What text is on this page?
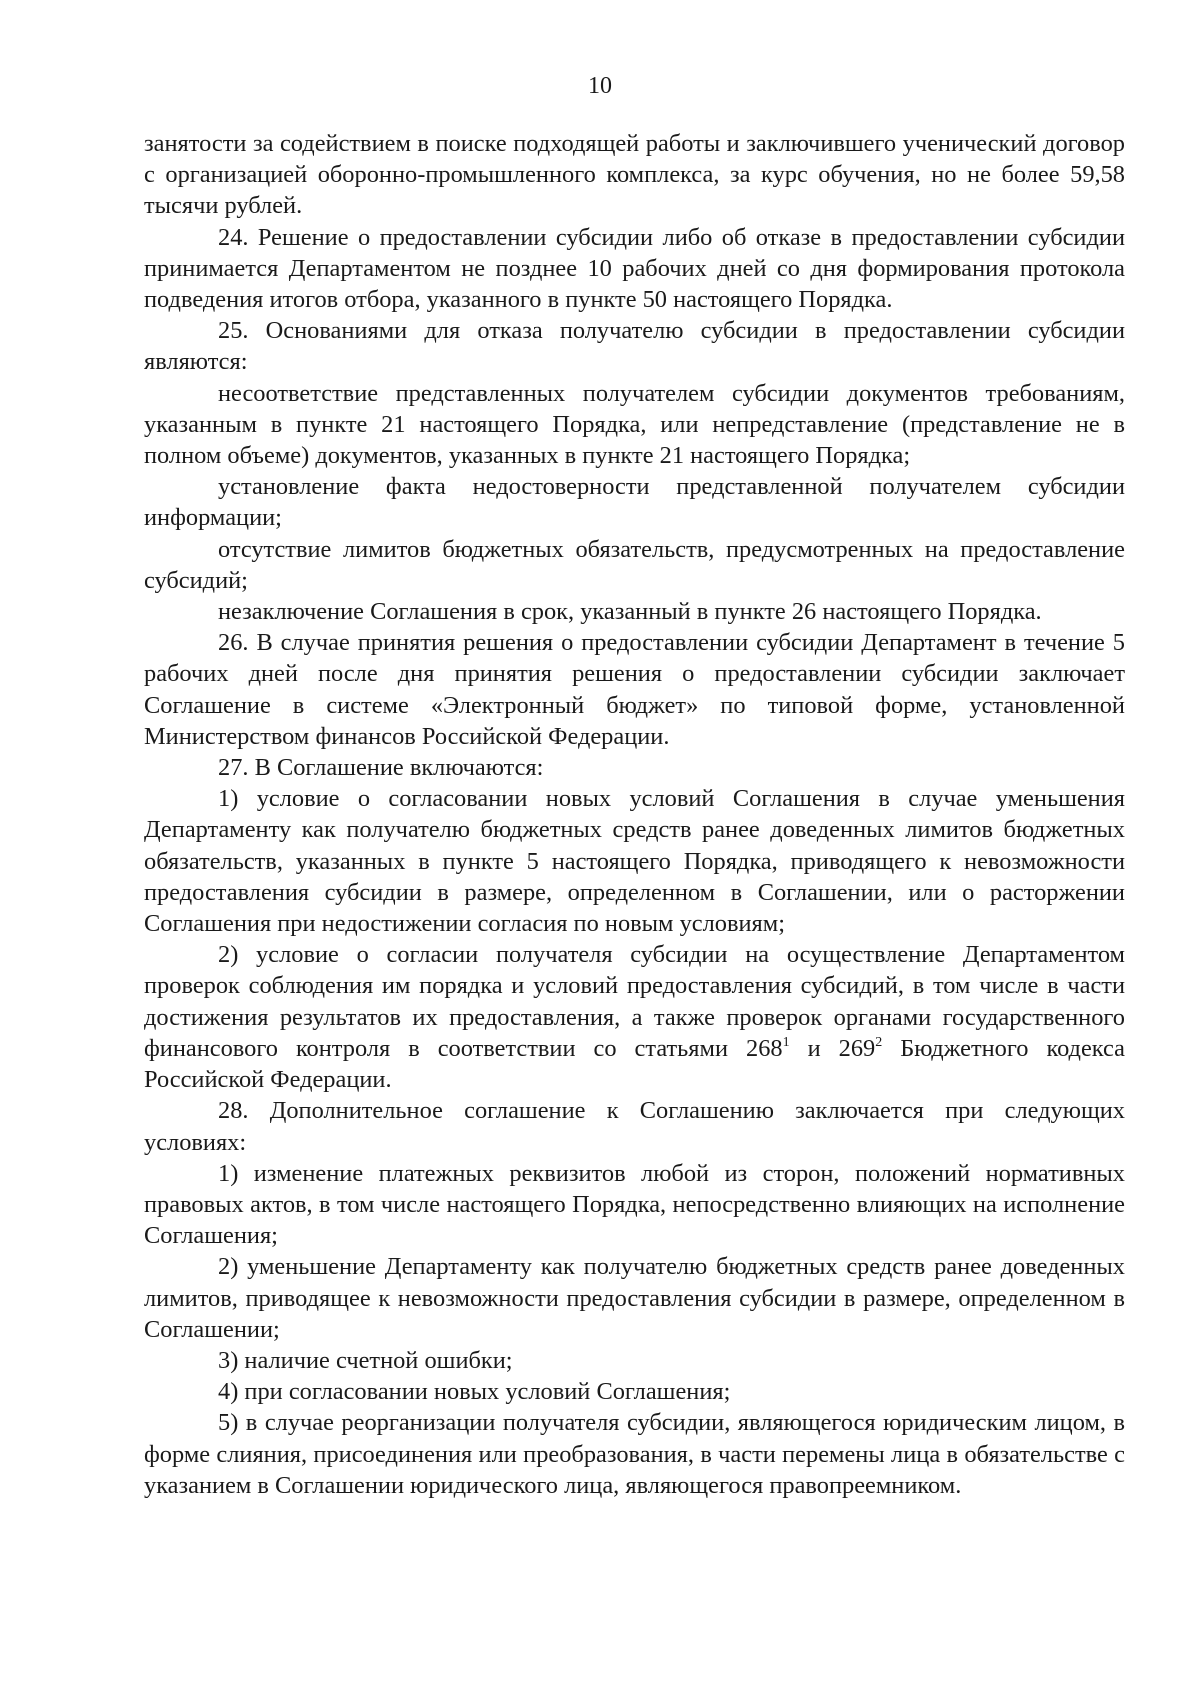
10

занятости за содействием в поиске подходящей работы и заключившего ученический договор с организацией оборонно-промышленного комплекса, за курс обучения, но не более 59,58 тысячи рублей.

24. Решение о предоставлении субсидии либо об отказе в предоставлении субсидии принимается Департаментом не позднее 10 рабочих дней со дня формирования протокола подведения итогов отбора, указанного в пункте 50 настоящего Порядка.

25. Основаниями для отказа получателю субсидии в предоставлении субсидии являются:

несоответствие представленных получателем субсидии документов требованиям, указанным в пункте 21 настоящего Порядка, или непредставление (представление не в полном объеме) документов, указанных в пункте 21 настоящего Порядка;

установление факта недостоверности представленной получателем субсидии информации;

отсутствие лимитов бюджетных обязательств, предусмотренных на предоставление субсидий;

незаключение Соглашения в срок, указанный в пункте 26 настоящего Порядка.

26. В случае принятия решения о предоставлении субсидии Департамент в течение 5 рабочих дней после дня принятия решения о предоставлении субсидии заключает Соглашение в системе «Электронный бюджет» по типовой форме, установленной Министерством финансов Российской Федерации.

27. В Соглашение включаются:

1) условие о согласовании новых условий Соглашения в случае уменьшения Департаменту как получателю бюджетных средств ранее доведенных лимитов бюджетных обязательств, указанных в пункте 5 настоящего Порядка, приводящего к невозможности предоставления субсидии в размере, определенном в Соглашении, или о расторжении Соглашения при недостижении согласия по новым условиям;

2) условие о согласии получателя субсидии на осуществление Департаментом проверок соблюдения им порядка и условий предоставления субсидий, в том числе в части достижения результатов их предоставления, а также проверок органами государственного финансового контроля в соответствии со статьями $268^1$ и $269^2$ Бюджетного кодекса Российской Федерации.

28. Дополнительное соглашение к Соглашению заключается при следующих условиях:

1) изменение платежных реквизитов любой из сторон, положений нормативных правовых актов, в том числе настоящего Порядка, непосредственно влияющих на исполнение Соглашения;

2) уменьшение Департаменту как получателю бюджетных средств ранее доведенных лимитов, приводящее к невозможности предоставления субсидии в размере, определенном в Соглашении;

3) наличие счетной ошибки;

4) при согласовании новых условий Соглашения;

5) в случае реорганизации получателя субсидии, являющегося юридическим лицом, в форме слияния, присоединения или преобразования, в части перемены лица в обязательстве с указанием в Соглашении юридического лица, являющегося правопреемником.
